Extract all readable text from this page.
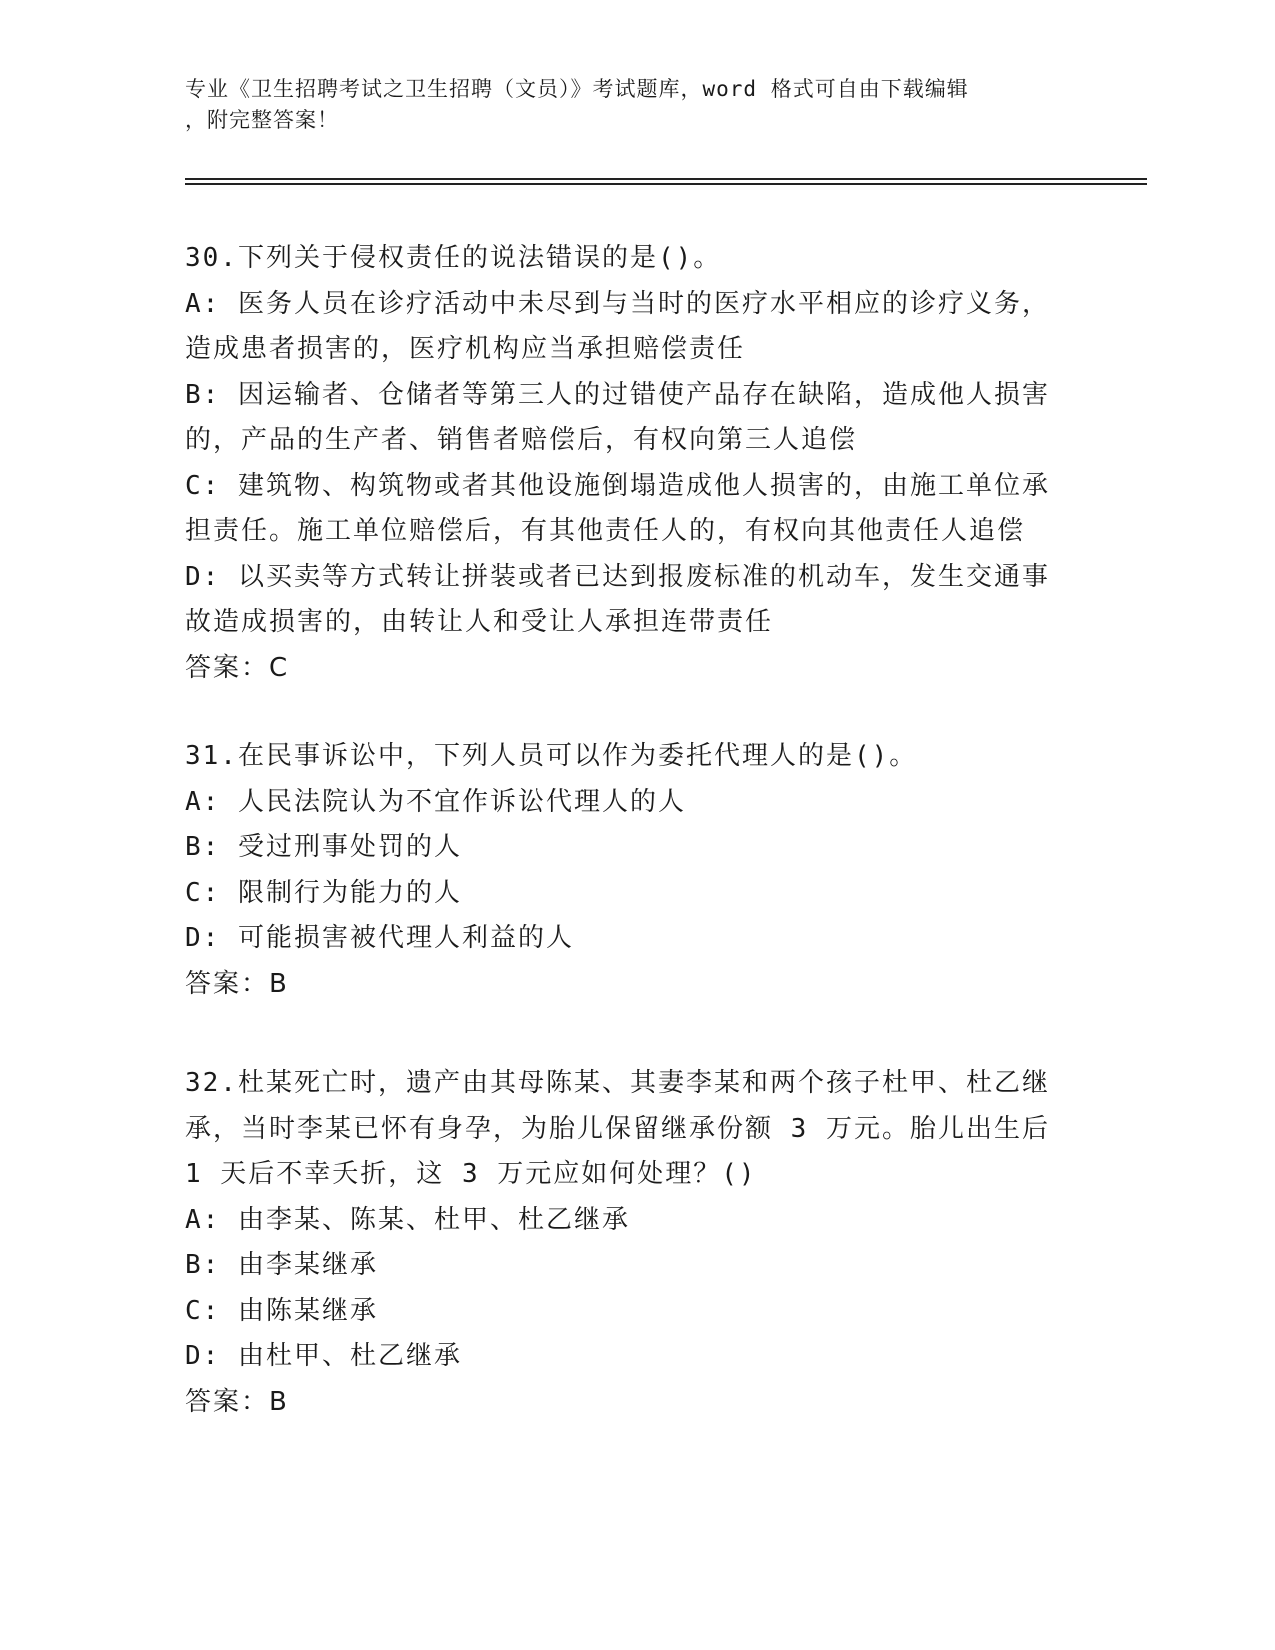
专业《卫生招聘考试之卫生招聘（文员）》考试题库，word 格式可自由下载编辑
，附完整答案！
30.下列关于侵权责任的说法错误的是()。
A: 医务人员在诊疗活动中未尽到与当时的医疗水平相应的诊疗义务，
造成患者损害的，医疗机构应当承担赔偿责任
B: 因运输者、仓储者等第三人的过错使产品存在缺陷，造成他人损害
的，产品的生产者、销售者赔偿后，有权向第三人追偿
C: 建筑物、构筑物或者其他设施倒塌造成他人损害的，由施工单位承
担责任。施工单位赔偿后，有其他责任人的，有权向其他责任人追偿
D: 以买卖等方式转让拼装或者已达到报废标准的机动车，发生交通事
故造成损害的，由转让人和受让人承担连带责任
答案：C
31.在民事诉讼中，下列人员可以作为委托代理人的是()。
A: 人民法院认为不宜作诉讼代理人的人
B: 受过刑事处罚的人
C: 限制行为能力的人
D: 可能损害被代理人利益的人
答案：B
32.杜某死亡时，遗产由其母陈某、其妻李某和两个孩子杜甲、杜乙继
承，当时李某已怀有身孕，为胎儿保留继承份额 3 万元。胎儿出生后
1 天后不幸夭折，这 3 万元应如何处理？()
A: 由李某、陈某、杜甲、杜乙继承
B: 由李某继承
C: 由陈某继承
D: 由杜甲、杜乙继承
答案：B
